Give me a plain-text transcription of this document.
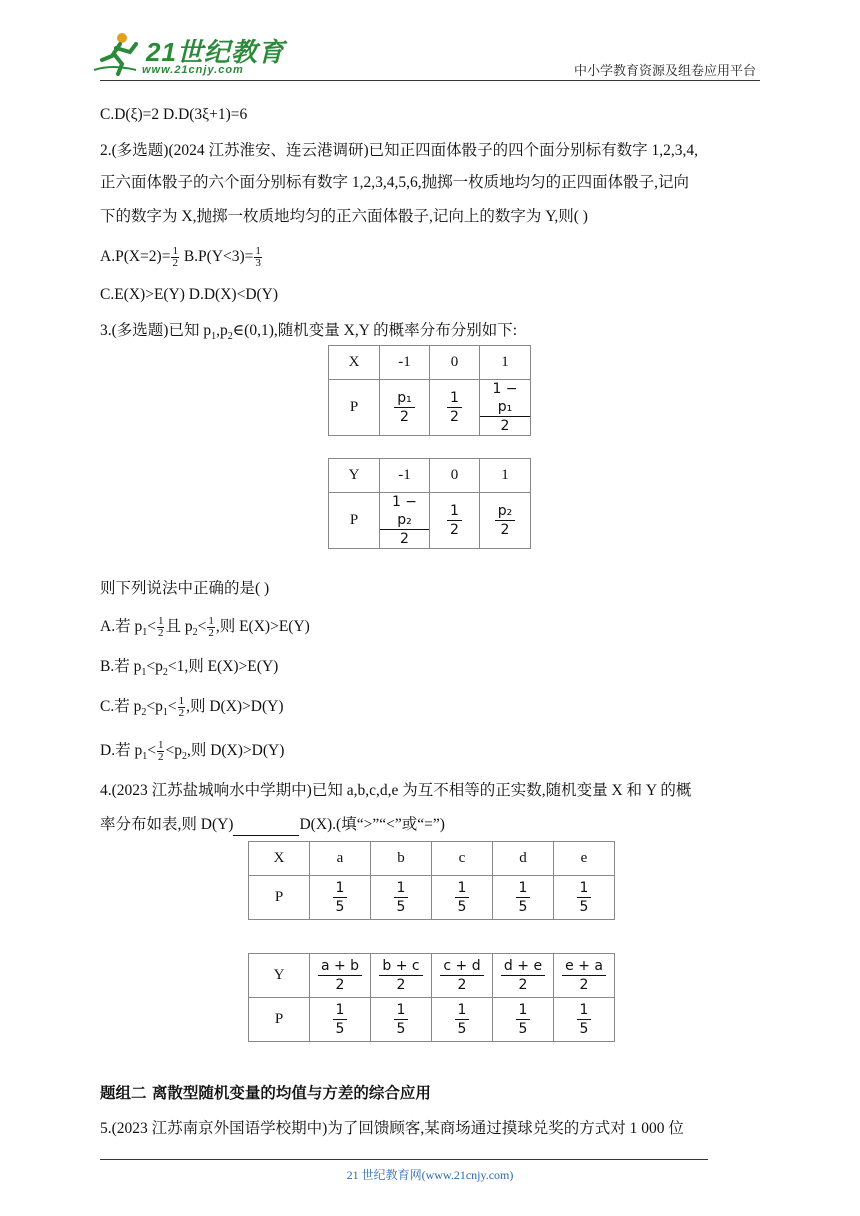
21世纪教育
www.21cnjy.com	中小学教育资源及组卷应用平台
C.D(ξ)=2 D.D(3ξ+1)=6
2.(多选题)(2024 江苏淮安、连云港调研)已知正四面体骰子的四个面分别标有数字 1,2,3,4,
正六面体骰子的六个面分别标有数字 1,2,3,4,5,6,抛掷一枚质地均匀的正四面体骰子,记向
下的数字为 X,抛掷一枚质地均匀的正六面体骰子,记向上的数字为 Y,则( )
$A.P(X=2)= \frac{1}{2} B.P(Y<3)= \frac{1}{3}$
C.E(X)>E(Y) D.D(X)<D(Y)
3.(多选题)已知 $p_1,p_2\in(0,1)$,随机变量 X,Y 的概率分布分别如下:
X	-1	0	1
P	$\frac{\text{p₁}}{2}$	$\frac{1}{2}$	$\frac{\text{1 − p₁}}{2}$
Y	-1	0	1
P	$\frac{\text{1 − p₂}}{2}$	$\frac{1}{2}$	$\frac{\text{p₂}}{2}$
则下列说法中正确的是( )
A.若 $p_1< \frac{1}{2}$ 且 $p_2< \frac{1}{2}$ ,则 E(X)>E(Y)
B.若 $p_1<p_2<1$,则 E(X)>E(Y)
C.若 $p_2<p_1< \frac{1}{2}$ ,则 D(X)>D(Y)
D.若 $p_1< \frac{1}{2} <p_2$,则 D(X)>D(Y)
4.(2023 江苏盐城响水中学期中)已知 a,b,c,d,e 为互不相等的正实数,随机变量 X 和 Y 的概
率分布如表,则 D(Y)	D(X).(填“>”“<”或“=”)
X	a	b	c	d	e
P	$\frac{1}{5}$	$\frac{1}{5}$	$\frac{1}{5}$	$\frac{1}{5}$	$\frac{1}{5}$
Y	$\frac{a + b}{2}$	$\frac{b + c}{2}$	$\frac{c + d}{2}$	$\frac{d + e}{2}$	$\frac{e + a}{2}$

P	$\frac{1}{5}$	$\frac{1}{5}$	$\frac{1}{5}$	$\frac{1}{5}$	$\frac{1}{5}$
题组二 离散型随机变量的均值与方差的综合应用
5.(2023 江苏南京外国语学校期中)为了回馈顾客,某商场通过摸球兑奖的方式对 1 000 位
21 世纪教育网(www.21cnjy.com)
